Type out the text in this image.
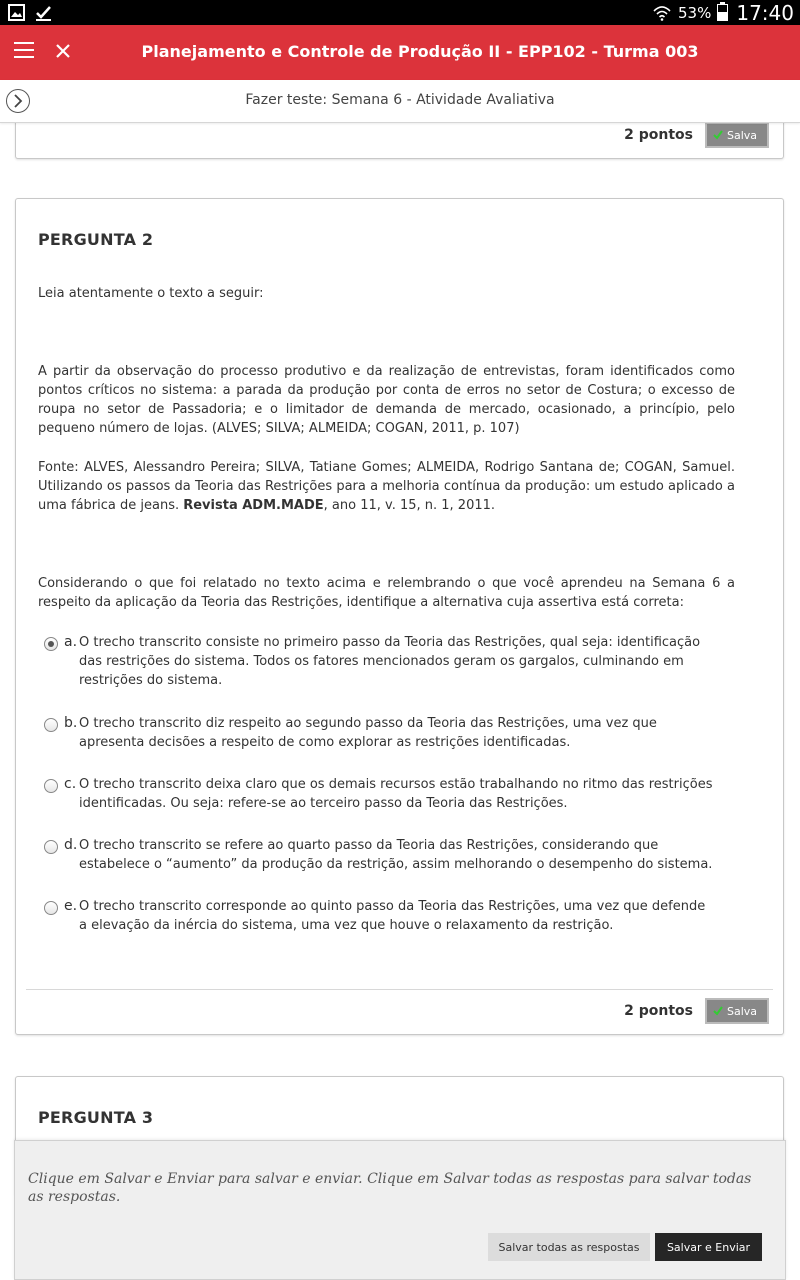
53% 17:40
Planejamento e Controle de Produção II - EPP102 - Turma 003
Fazer teste: Semana 6 - Atividade Avaliativa
2 pontos	Salva
PERGUNTA 2
Leia atentamente o texto a seguir:
A partir da observação do processo produtivo e da realização de entrevistas, foram identificados como pontos críticos no sistema: a parada da produção por conta de erros no setor de Costura; o excesso de roupa no setor de Passadoria; e o limitador de demanda de mercado, ocasionado, a princípio, pelo pequeno número de lojas. (ALVES; SILVA; ALMEIDA; COGAN, 2011, p. 107)
Fonte: ALVES, Alessandro Pereira; SILVA, Tatiane Gomes; ALMEIDA, Rodrigo Santana de; COGAN, Samuel. Utilizando os passos da Teoria das Restrições para a melhoria contínua da produção: um estudo aplicado a uma fábrica de jeans. Revista ADM.MADE, ano 11, v. 15, n. 1, 2011.
Considerando o que foi relatado no texto acima e relembrando o que você aprendeu na Semana 6 a respeito da aplicação da Teoria das Restrições, identifique a alternativa cuja assertiva está correta:
a. O trecho transcrito consiste no primeiro passo da Teoria das Restrições, qual seja: identificação das restrições do sistema. Todos os fatores mencionados geram os gargalos, culminando em restrições do sistema.
b. O trecho transcrito diz respeito ao segundo passo da Teoria das Restrições, uma vez que apresenta decisões a respeito de como explorar as restrições identificadas.
c. O trecho transcrito deixa claro que os demais recursos estão trabalhando no ritmo das restrições identificadas. Ou seja: refere-se ao terceiro passo da Teoria das Restrições.
d. O trecho transcrito se refere ao quarto passo da Teoria das Restrições, considerando que estabelece o “aumento” da produção da restrição, assim melhorando o desempenho do sistema.
e. O trecho transcrito corresponde ao quinto passo da Teoria das Restrições, uma vez que defende a elevação da inércia do sistema, uma vez que houve o relaxamento da restrição.
2 pontos	Salva
PERGUNTA 3
Clique em Salvar e Enviar para salvar e enviar. Clique em Salvar todas as respostas para salvar todas as respostas.
Salvar todas as respostas	Salvar e Enviar
